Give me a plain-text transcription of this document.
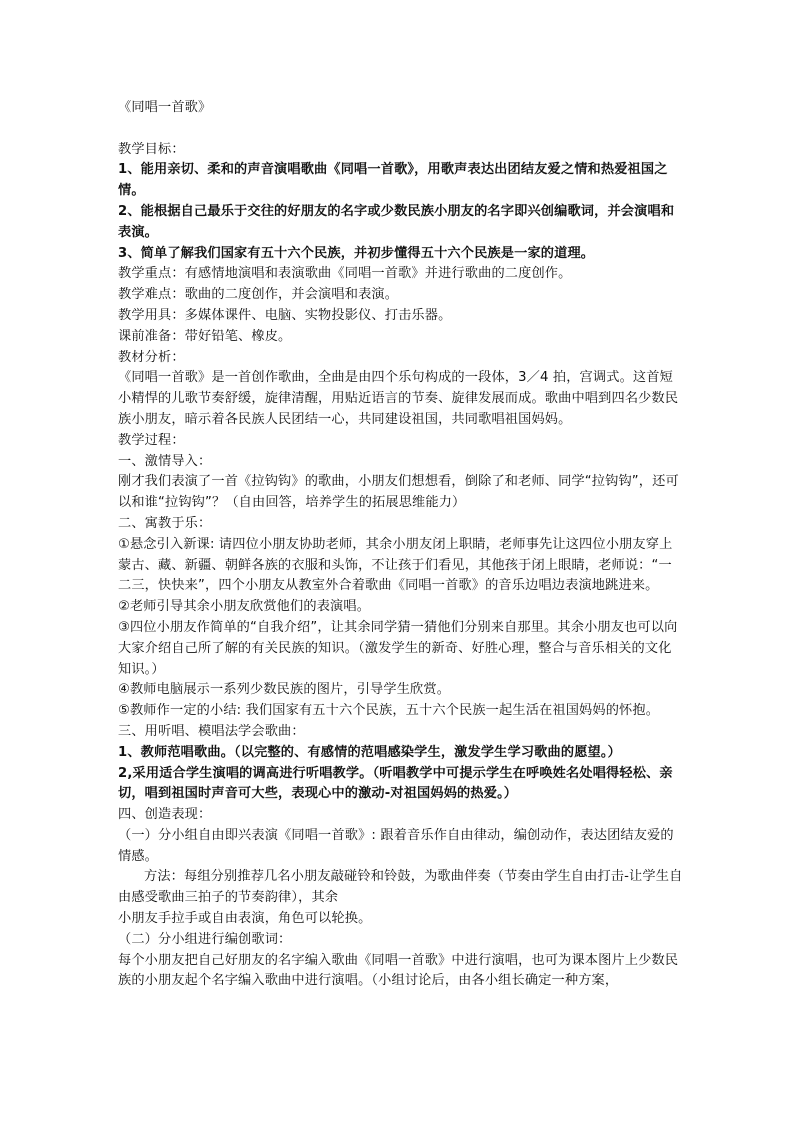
《同唱一首歌》

教学目标：

1、能用亲切、柔和的声音演唱歌曲《同唱一首歌》，用歌声表达出团结友爱之情和热爱祖国之情。

2、能根据自己最乐于交往的好朋友的名字或少数民族小朋友的名字即兴创编歌词，并会演唱和表演。

3、简单了解我们国家有五十六个民族，并初步懂得五十六个民族是一家的道理。

教学重点：有感情地演唱和表演歌曲《同唱一首歌》并进行歌曲的二度创作。

教学难点：歌曲的二度创作，并会演唱和表演。

教学用具：多媒体课件、电脑、实物投影仪、打击乐器。

课前准备：带好铅笔、橡皮。

教材分析：

《同唱一首歌》是一首创作歌曲，全曲是由四个乐句构成的一段体，3／4 拍，宫调式。这首短小精悍的儿歌节奏舒缓，旋律清醒，用贴近语言的节奏、旋律发展而成。歌曲中唱到四名少数民族小朋友，暗示着各民族人民团结一心，共同建设祖国，共同歌唱祖国妈妈。

教学过程：

一、激情导入：

刚才我们表演了一首《拉钩钩》的歌曲，小朋友们想想看，倒除了和老师、同学“拉钩钩”，还可以和谁“拉钩钩”？（自由回答，培养学生的拓展思维能力）

二、寓教于乐：

①悬念引入新课: 请四位小朋友协助老师，其余小朋友闭上职睛，老师事先让这四位小朋友穿上蒙古、藏、新疆、朝鲜各族的衣服和头饰，不让孩于们看见，其他孩于闭上眼睛，老师说：“一二三，快快来”，四个小朋友从教室外合着歌曲《同唱一首歌》的音乐边唱边表演地跳进来。

②老师引导其余小朋友欣赏他们的表演唱。

③四位小朋友作简单的“自我介绍”，让其余同学猜一猜他们分别来自那里。其余小朋友也可以向大家介绍自己所了解的有关民族的知识。（激发学生的新奇、好胜心理，整合与音乐相关的文化知识。）

④教师电脑展示一系列少数民族的图片，引导学生欣赏。

⑤教师作一定的小结: 我们国家有五十六个民族，五十六个民族一起生活在祖国妈妈的怀抱。

三、用听唱、模唱法学会歌曲：

1、教师范唱歌曲。（以完整的、有感情的范唱感染学生，激发学生学习歌曲的愿望。）

2,采用适合学生演唱的调高进行听唱教学。（听唱教学中可提示学生在呼唤姓名处唱得轻松、亲切，唱到祖国时声音可大些，表现心中的激动-对祖国妈妈的热爱。）

四、创造表现：

（一）分小组自由即兴表演《同唱一首歌》: 跟着音乐作自由律动，编创动作，表达团结友爱的情感。

方法：每组分别推荐几名小朋友敲碰铃和铃鼓，为歌曲伴奏（节奏由学生自由打击-让学生自由感受歌曲三拍子的节奏韵律），其余

小朋友手拉手或自由表演，角色可以轮换。

（二）分小组进行编创歌词：

每个小朋友把自己好朋友的名字编入歌曲《同唱一首歌》中进行演唱，也可为课本图片上少数民族的小朋友起个名字编入歌曲中进行演唱。（小组讨论后，由各小组长确定一种方案，
